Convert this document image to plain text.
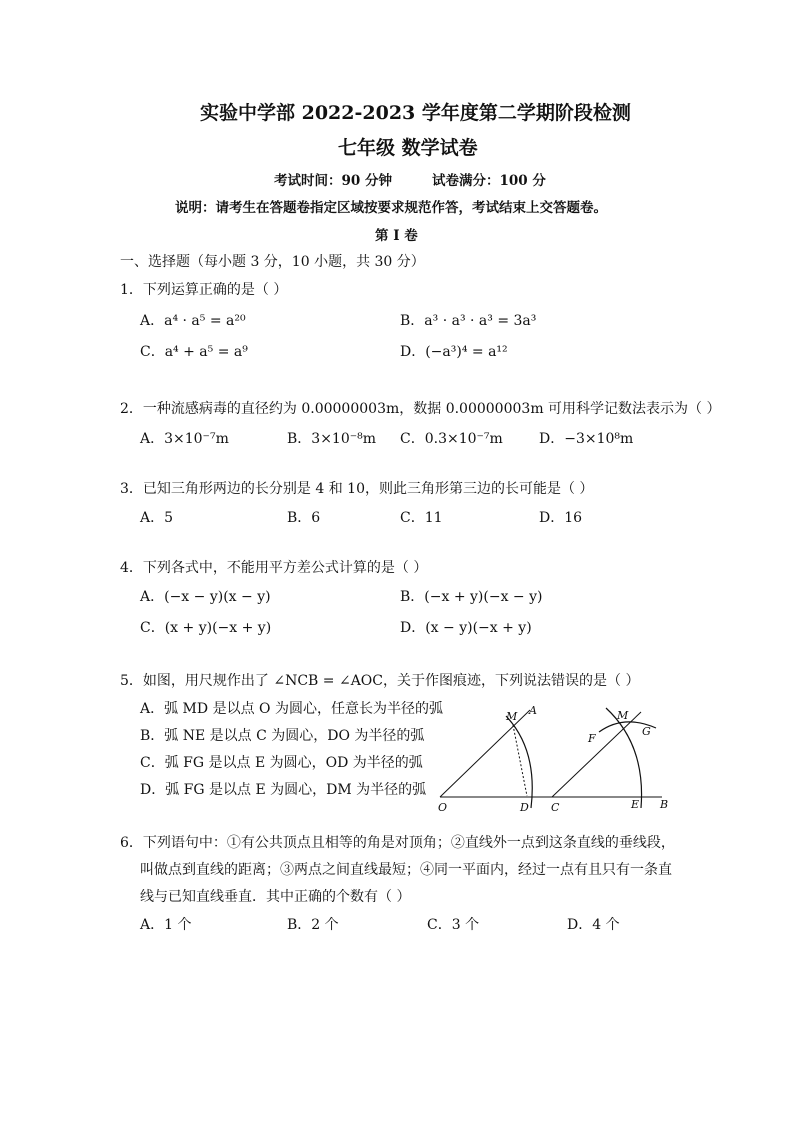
实验中学部 2022-2023 学年度第二学期阶段检测
七年级 数学试卷
考试时间：90 分钟	试卷满分：100 分
说明：请考生在答题卷指定区域按要求规范作答，考试结束上交答题卷。
第 I 卷
一、选择题（每小题 3 分，10 小题，共 30 分）
1．下列运算正确的是（ ）
A．a⁴ · a⁵ = a²⁰	B．a³ · a³ · a³ = 3a³
C．a⁴ + a⁵ = a⁹	D．(−a³)⁴ = a¹²
2．一种流感病毒的直径约为 0.00000003m，数据 0.00000003m 可用科学记数法表示为（ ）
A．3×10⁻⁷m	B．3×10⁻⁸m C．0.3×10⁻⁷m	D．−3×10⁸m
3．已知三角形两边的长分别是 4 和 10，则此三角形第三边的长可能是（ ）
A．5	B．6	C．11	D．16
4．下列各式中，不能用平方差公式计算的是（ ）
A．(−x − y)(x − y)	B．(−x + y)(−x − y)
C．(x + y)(−x + y)	D．(x − y)(−x + y)
5．如图，用尺规作出了 ∠NCB = ∠AOC，关于作图痕迹，下列说法错误的是（ ）
A．弧 MD 是以点 O 为圆心，任意长为半径的弧
B．弧 NE 是以点 C 为圆心，DO 为半径的弧
C．弧 FG 是以点 E 为圆心，OD 为半径的弧
D．弧 FG 是以点 E 为圆心，DM 为半径的弧
M A
O	D C	E B
M
F
G
6．下列语句中：①有公共顶点且相等的角是对顶角；②直线外一点到这条直线的垂线段，
叫做点到直线的距离；③两点之间直线最短；④同一平面内，经过一点有且只有一条直
线与已知直线垂直．其中正确的个数有（ ）
A．1 个	B．2 个	C．3 个	D．4 个
